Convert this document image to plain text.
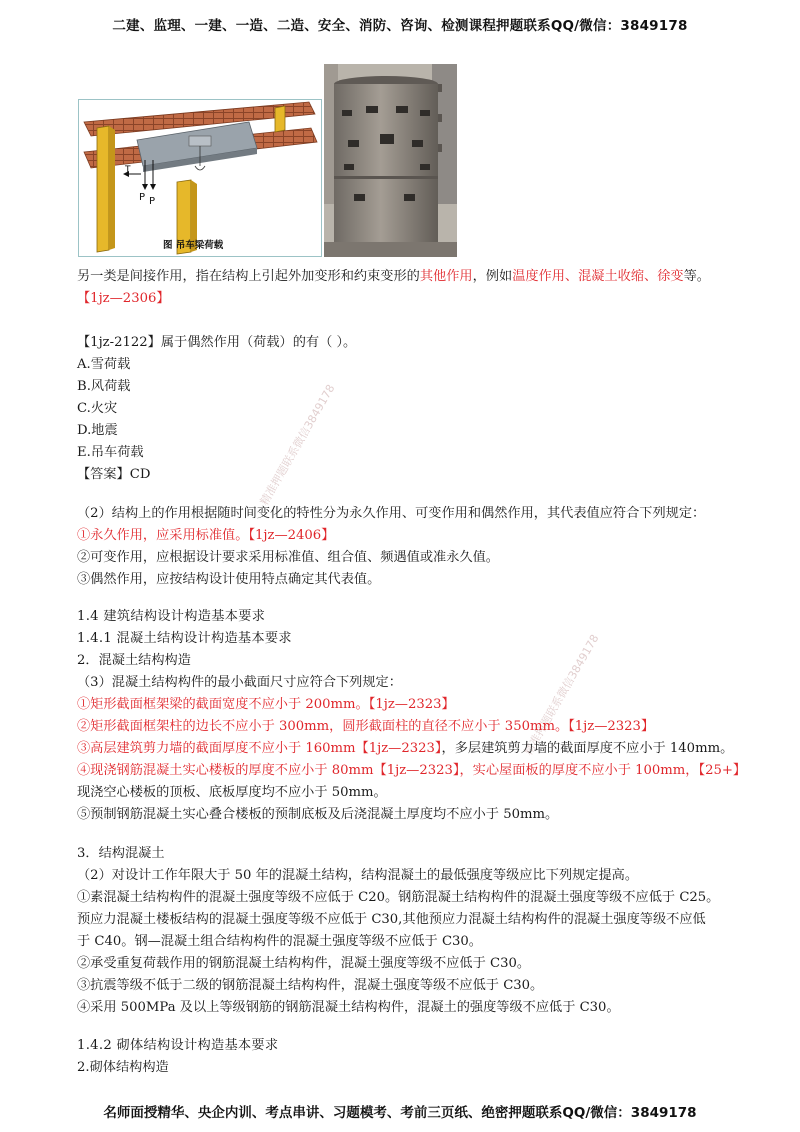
二建、监理、一建、一造、二造、安全、消防、咨询、检测课程押题联系QQ/微信：3849178
T
P P
图 吊车梁荷载
精准押题联系微信3849178
精准押题联系微信3849178
另一类是间接作用，指在结构上引起外加变形和约束变形的其他作用，例如温度作用、混凝土收缩、徐变等。
【1jz—2306】
【1jz-2122】属于偶然作用（荷载）的有（ ）。
A.雪荷载
B.风荷载
C.火灾
D.地震
E.吊车荷载
【答案】CD
（2）结构上的作用根据随时间变化的特性分为永久作用、可变作用和偶然作用，其代表值应符合下列规定：
①永久作用，应采用标准值。【1jz—2406】
②可变作用，应根据设计要求采用标准值、组合值、频遇值或准永久值。
③偶然作用，应按结构设计使用特点确定其代表值。
1.4 建筑结构设计构造基本要求
1.4.1 混凝土结构设计构造基本要求
2．混凝土结构构造
（3）混凝土结构构件的最小截面尺寸应符合下列规定：
①矩形截面框架梁的截面宽度不应小于 200mm。【1jz—2323】
②矩形截面框架柱的边长不应小于 300mm，圆形截面柱的直径不应小于 350mm。【1jz—2323】
③高层建筑剪力墙的截面厚度不应小于 160mm【1jz—2323】，多层建筑剪力墙的截面厚度不应小于 140mm。
④现浇钢筋混凝土实心楼板的厚度不应小于 80mm【1jz—2323】，实心屋面板的厚度不应小于 100mm，【25+】
现浇空心楼板的顶板、底板厚度均不应小于 50mm。
⑤预制钢筋混凝土实心叠合楼板的预制底板及后浇混凝土厚度均不应小于 50mm。
3．结构混凝土
（2）对设计工作年限大于 50 年的混凝土结构，结构混凝土的最低强度等级应比下列规定提高。
①素混凝土结构构件的混凝土强度等级不应低于 C20。钢筋混凝土结构构件的混凝土强度等级不应低于 C25。
预应力混凝土楼板结构的混凝土强度等级不应低于 C30,其他预应力混凝土结构构件的混凝土强度等级不应低
于 C40。钢—混凝土组合结构构件的混凝土强度等级不应低于 C30。
②承受重复荷载作用的钢筋混凝土结构构件，混凝土强度等级不应低于 C30。
③抗震等级不低于二级的钢筋混凝土结构构件，混凝土强度等级不应低于 C30。
④采用 500MPa 及以上等级钢筋的钢筋混凝土结构构件，混凝土的强度等级不应低于 C30。
1.4.2 砌体结构设计构造基本要求
2.砌体结构构造
名师面授精华、央企内训、考点串讲、习题模考、考前三页纸、绝密押题联系QQ/微信：3849178
